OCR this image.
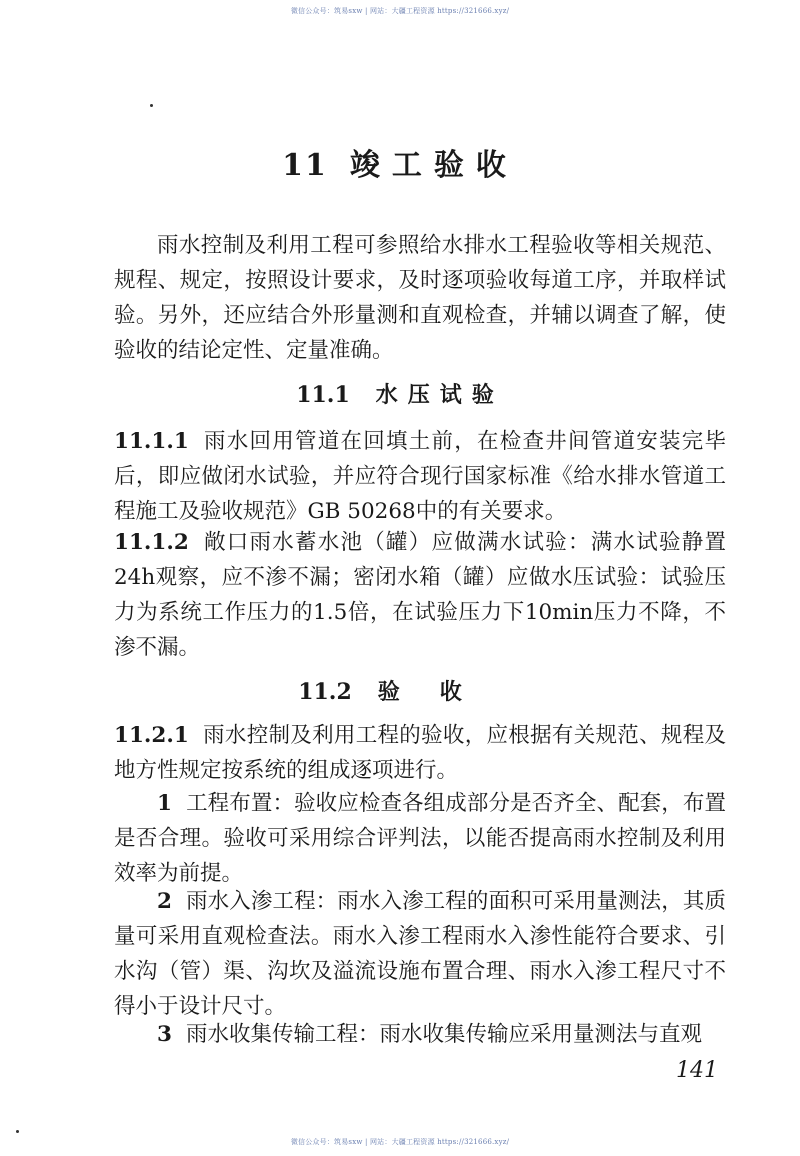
微信公众号：筑易sxw | 网站：大疆工程资源 https://321666.xyz/
11 竣工验收

雨水控制及利用工程可参照给水排水工程验收等相关规范、规程、规定，按照设计要求，及时逐项验收每道工序，并取样试验。另外，还应结合外形量测和直观检查，并辅以调查了解，使验收的结论定性、定量准确。

11.1 水压试验

11.1.1 雨水回用管道在回填土前，在检查井间管道安装完毕后，即应做闭水试验，并应符合现行国家标准《给水排水管道工程施工及验收规范》GB 50268中的有关要求。

11.1.2 敞口雨水蓄水池（罐）应做满水试验：满水试验静置24h观察，应不渗不漏；密闭水箱（罐）应做水压试验：试验压力为系统工作压力的1.5倍，在试验压力下10min压力不降，不渗不漏。

11.2 验收

11.2.1 雨水控制及利用工程的验收，应根据有关规范、规程及地方性规定按系统的组成逐项进行。

1 工程布置：验收应检查各组成部分是否齐全、配套，布置是否合理。验收可采用综合评判法，以能否提高雨水控制及利用效率为前提。

2 雨水入渗工程：雨水入渗工程的面积可采用量测法，其质量可采用直观检查法。雨水入渗工程雨水入渗性能符合要求、引水沟（管）渠、沟坎及溢流设施布置合理、雨水入渗工程尺寸不得小于设计尺寸。

3 雨水收集传输工程：雨水收集传输应采用量测法与直观

141
微信公众号：筑易sxw | 网站：大疆工程资源 https://321666.xyz/
